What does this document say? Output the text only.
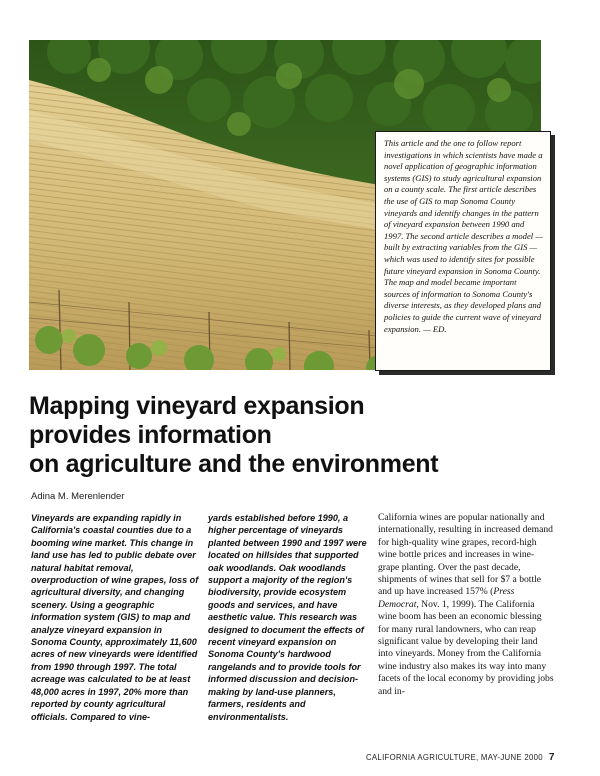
This article and the one to follow report investigations in which scientists have made a novel application of geographic information systems (GIS) to study agricultural expansion on a county scale. The first article describes the use of GIS to map Sonoma County vineyards and identify changes in the pattern of vineyard expansion between 1990 and 1997. The second article describes a model — built by extracting variables from the GIS — which was used to identify sites for possible future vineyard expansion in Sonoma County. The map and model became important sources of information to Sonoma County's diverse interests, as they developed plans and policies to guide the current wave of vineyard expansion. — ED.

Mapping vineyard expansion
provides information
on agriculture and the environment

Adina M. Merenlender

Vineyards are expanding rapidly in California's coastal counties due to a booming wine market. This change in land use has led to public debate over natural habitat removal, overproduction of wine grapes, loss of agricultural diversity, and changing scenery. Using a geographic information system (GIS) to map and analyze vineyard expansion in Sonoma County, approximately 11,600 acres of new vineyards were identified from 1990 through 1997. The total acreage was calculated to be at least 48,000 acres in 1997, 20% more than reported by county agricultural officials. Compared to vine-

yards established before 1990, a higher percentage of vineyards planted between 1990 and 1997 were located on hillsides that supported oak woodlands. Oak woodlands support a majority of the region's biodiversity, provide ecosystem goods and services, and have aesthetic value. This research was designed to document the effects of recent vineyard expansion on Sonoma County's hardwood rangelands and to provide tools for informed discussion and decision-making by land-use planners, farmers, residents and environmentalists.

California wines are popular nationally and internationally, resulting in increased demand for high-quality wine grapes, record-high wine bottle prices and increases in wine-grape planting. Over the past decade, shipments of wines that sell for $7 a bottle and up have increased 157% (Press Democrat, Nov. 1, 1999). The California wine boom has been an economic blessing for many rural landowners, who can reap significant value by developing their land into vineyards. Money from the California wine industry also makes its way into many facets of the local economy by providing jobs and in-

CALIFORNIA AGRICULTURE, MAY-JUNE 2000 7
